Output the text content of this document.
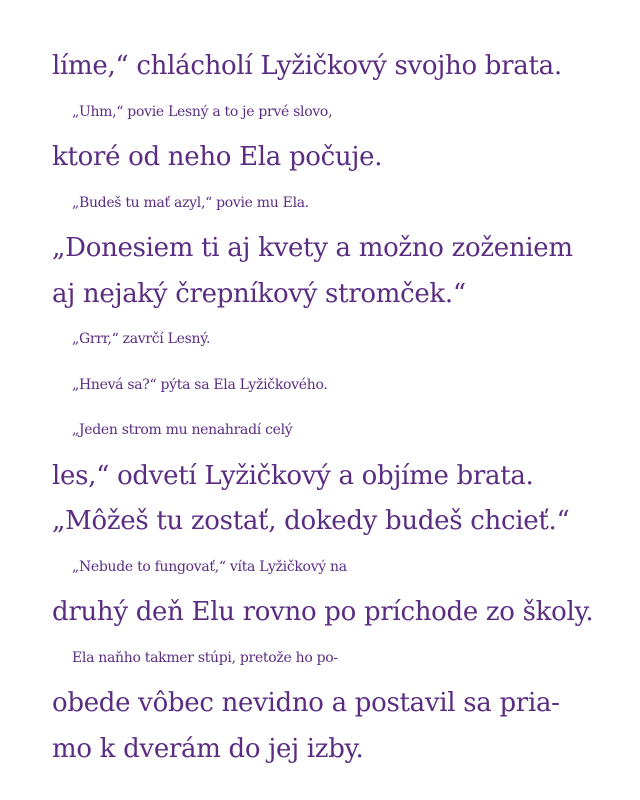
líme,“ chlácholí Lyžičkový svojho brata.
„Uhm,“ povie Lesný a to je prvé slovo,
ktoré od neho Ela počuje.
„Budeš tu mať azyl,“ povie mu Ela.
„Donesiem ti aj kvety a možno zoženiem
aj nejaký črepníkový stromček.“
„Grrr,“ zavrčí Lesný.
„Hnevá sa?“ pýta sa Ela Lyžičkového.
„Jeden strom mu nenahradí celý
les,“ odvetí Lyžičkový a objíme brata.
„Môžeš tu zostať, dokedy budeš chcieť.“
„Nebude to fungovať,“ víta Lyžičkový na
druhý deň Elu rovno po príchode zo školy.
Ela naňho takmer stúpi, pretože ho po-
obede vôbec nevidno a postavil sa pria-
mo k dverám do jej izby.
